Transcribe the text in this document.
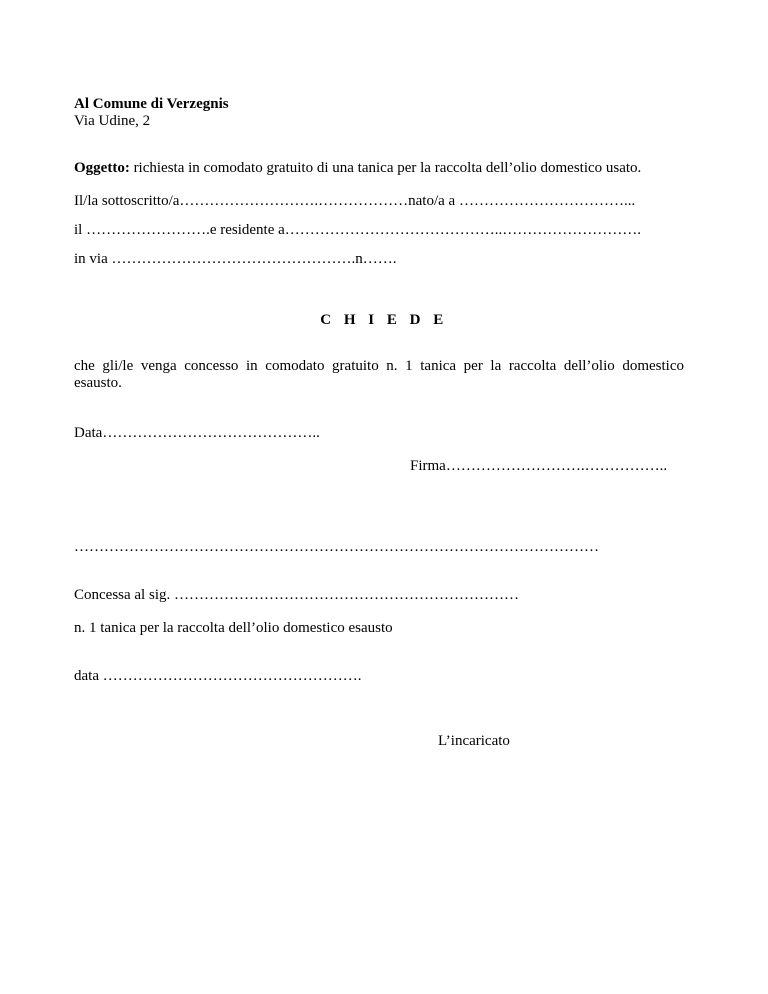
Al Comune di Verzegnis
Via Udine, 2
Oggetto: richiesta in comodato gratuito di una tanica per la raccolta dell’olio domestico usato.
Il/la sottoscritto/a……………………….………………nato/a a ……………………………...
il …………………….e residente a……………………………………..……………………….
in via ………………………………………….n…….
C H I E D E
che gli/le venga concesso in comodato gratuito n. 1 tanica per la raccolta dell’olio domestico
esausto.
Data……………………………………..
Firma……………………….……………..
……………………………………………………………………………………………
Concessa al sig. ……………………………………………………………
n. 1 tanica per la raccolta dell’olio domestico esausto
data …………………………………………….
L’incaricato
